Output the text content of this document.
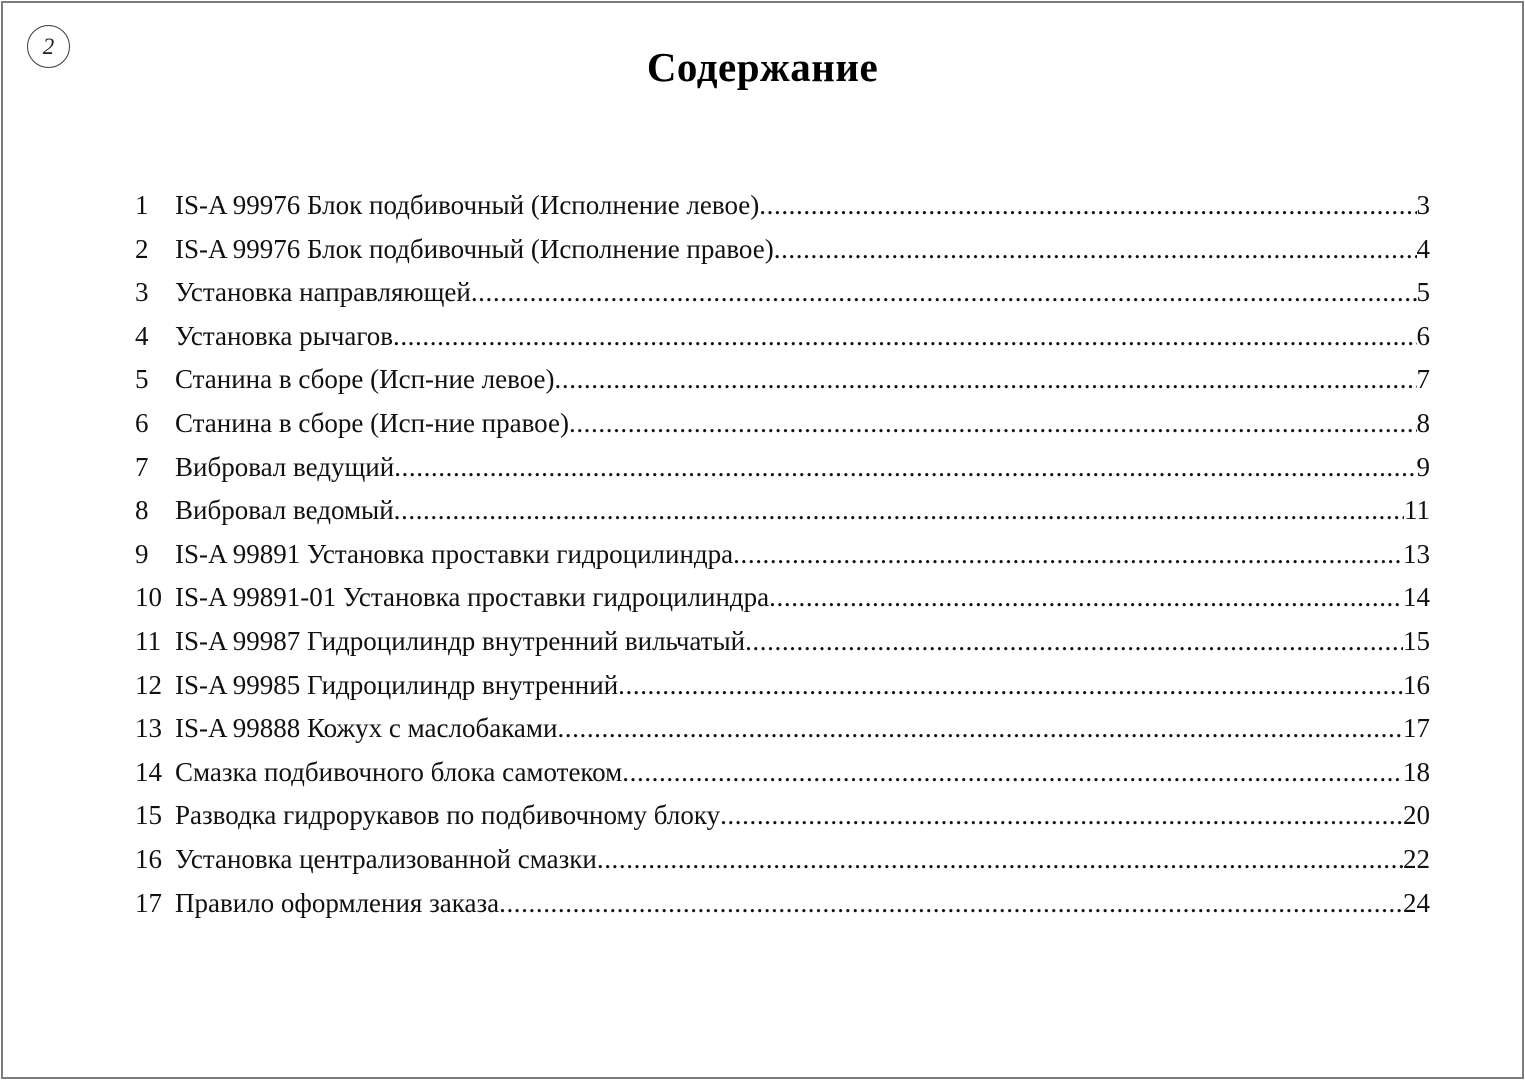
2	Содержание
1 IS-A 99976 Блок подбивочный (Исполнение левое) .....	3
2 IS-A 99976 Блок подбивочный (Исполнение правое) .....	4
3 Установка направляющей .....	5
4 Установка рычагов .....	6
5 Станина в сборе (Исп-ние левое) .....	7
6 Станина в сборе (Исп-ние правое) .....	8
7 Вибровал ведущий .....	9
8 Вибровал ведомый .....	11
9 IS-A 99891 Установка проставки гидроцилиндра .....	13
10 IS-A 99891-01 Установка проставки гидроцилиндра .....	14
11 IS-A 99987 Гидроцилиндр внутренний вильчатый .....	15
12 IS-A 99985 Гидроцилиндр внутренний .....	16
13 IS-A 99888 Кожух с маслобаками .....	17
14 Смазка подбивочного блока самотеком .....	18
15 Разводка гидрорукавов по подбивочному блоку .....	20
16 Установка централизованной смазки .....	22
17 Правило оформления заказа .....	24
